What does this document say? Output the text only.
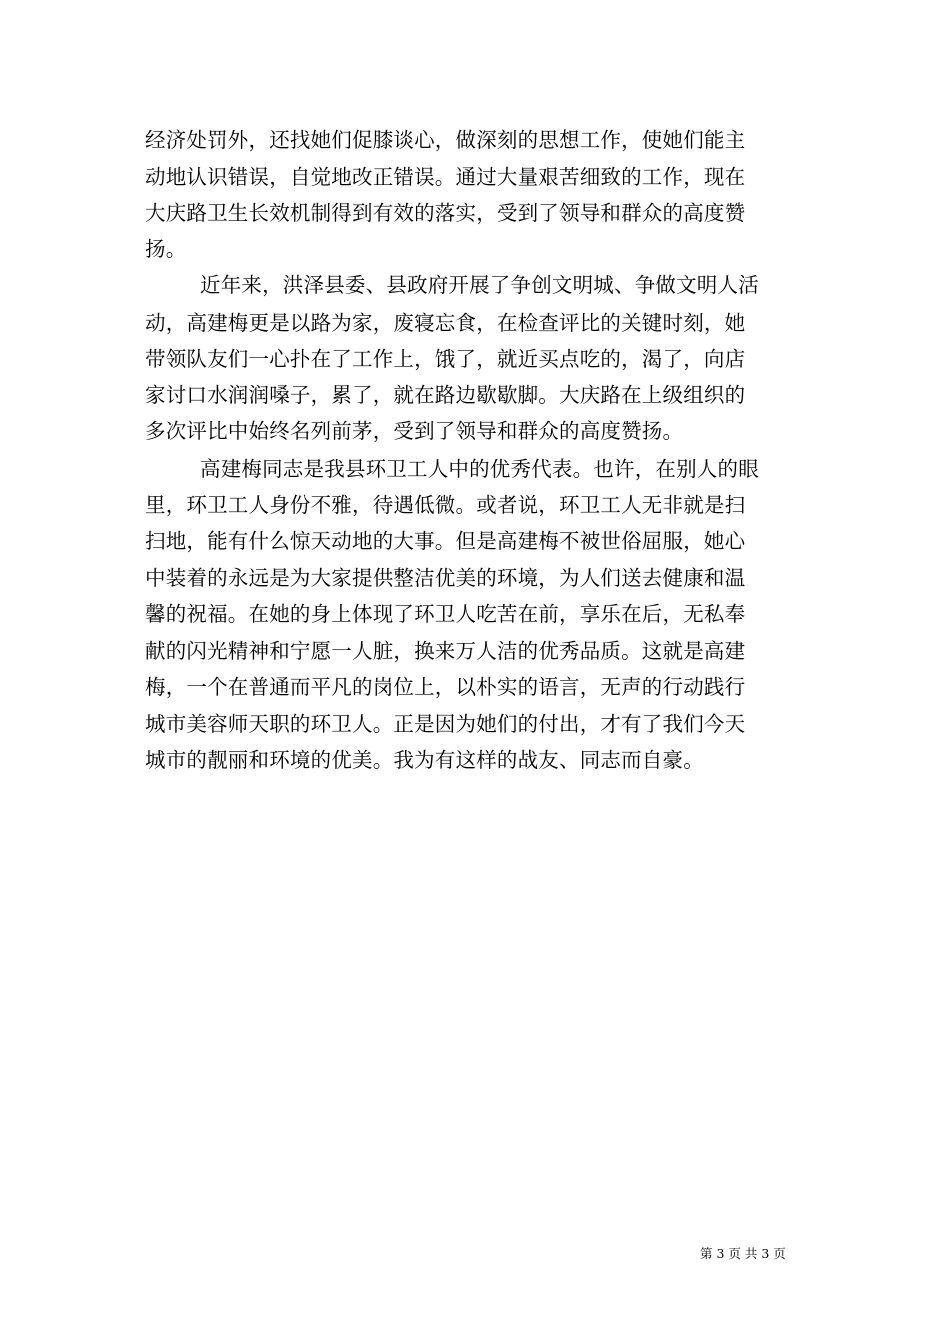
经济处罚外，还找她们促膝谈心，做深刻的思想工作，使她们能主
动地认识错误，自觉地改正错误。通过大量艰苦细致的工作，现在
大庆路卫生长效机制得到有效的落实，受到了领导和群众的高度赞
扬。
近年来，洪泽县委、县政府开展了争创文明城、争做文明人活
动，高建梅更是以路为家，废寝忘食，在检查评比的关键时刻，她
带领队友们一心扑在了工作上，饿了，就近买点吃的，渴了，向店
家讨口水润润嗓子，累了，就在路边歇歇脚。大庆路在上级组织的
多次评比中始终名列前茅，受到了领导和群众的高度赞扬。
高建梅同志是我县环卫工人中的优秀代表。也许，在别人的眼
里，环卫工人身份不雅，待遇低微。或者说，环卫工人无非就是扫
扫地，能有什么惊天动地的大事。但是高建梅不被世俗屈服，她心
中装着的永远是为大家提供整洁优美的环境，为人们送去健康和温
馨的祝福。在她的身上体现了环卫人吃苦在前，享乐在后，无私奉
献的闪光精神和宁愿一人脏，换来万人洁的优秀品质。这就是高建
梅，一个在普通而平凡的岗位上，以朴实的语言，无声的行动践行
城市美容师天职的环卫人。正是因为她们的付出，才有了我们今天
城市的靓丽和环境的优美。我为有这样的战友、同志而自豪。
第 3 页 共 3 页
